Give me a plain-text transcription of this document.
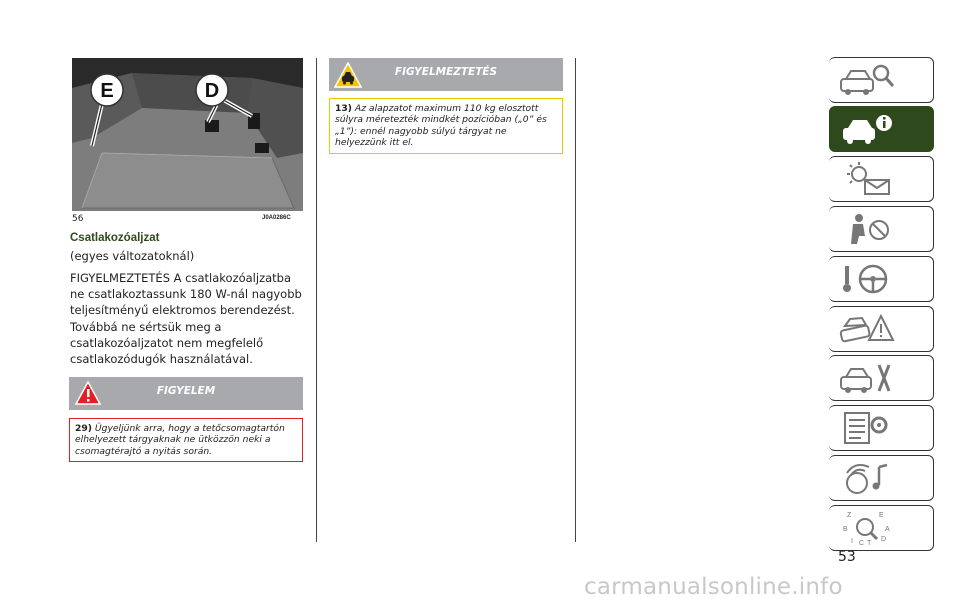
E	D
56	J0A0286C
Csatlakozóaljzat
(egyes változatoknál)
FIGYELMEZTETÉS A csatlakozóaljzatba ne csatlakoztassunk 180 W-nál nagyobb teljesítményű elektromos berendezést. Továbbá ne sértsük meg a csatlakozóaljzatot nem megfelelő csatlakozódugók használatával.
FIGYELEM
29) Ügyeljünk arra, hogy a tetőcsomagtartón elhelyezett tárgyaknak ne ütközzön neki a csomagtérajtó a nyitás során.
FIGYELMEZTETÉS
13) Az alapzatot maximum 110 kg elosztott súlyra méretezték mindkét pozícióban („0” és „1”): ennél nagyobb súlyú tárgyat ne helyezzünk itt el.
Z	E
B	A
I C T
D
53
carmanualsonline.info
